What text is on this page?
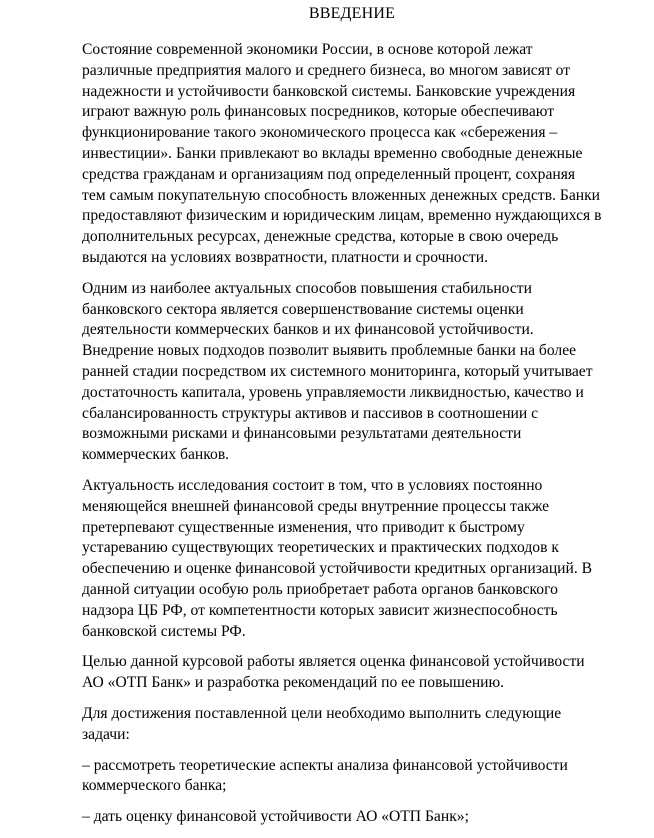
ВВЕДЕНИЕ

Состояние современной экономики России, в основе которой лежат
различные предприятия малого и среднего бизнеса, во многом зависят от
надежности и устойчивости банковской системы. Банковские учреждения
играют важную роль финансовых посредников, которые обеспечивают
функционирование такого экономического процесса как «сбережения –
инвестиции». Банки привлекают во вклады временно свободные денежные
средства гражданам и организациям под определенный процент, сохраняя
тем самым покупательную способность вложенных денежных средств. Банки
предоставляют физическим и юридическим лицам, временно нуждающихся в
дополнительных ресурсах, денежные средства, которые в свою очередь
выдаются на условиях возвратности, платности и срочности.

Одним из наиболее актуальных способов повышения стабильности
банковского сектора является совершенствование системы оценки
деятельности коммерческих банков и их финансовой устойчивости.
Внедрение новых подходов позволит выявить проблемные банки на более
ранней стадии посредством их системного мониторинга, который учитывает
достаточность капитала, уровень управляемости ликвидностью, качество и
сбалансированность структуры активов и пассивов в соотношении с
возможными рисками и финансовыми результатами деятельности
коммерческих банков.

Актуальность исследования состоит в том, что в условиях постоянно
меняющейся внешней финансовой среды внутренние процессы также
претерпевают существенные изменения, что приводит к быстрому
устареванию существующих теоретических и практических подходов к
обеспечению и оценке финансовой устойчивости кредитных организаций. В
данной ситуации особую роль приобретает работа органов банковского
надзора ЦБ РФ, от компетентности которых зависит жизнеспособность
банковской системы РФ.

Целью данной курсовой работы является оценка финансовой устойчивости
АО «ОТП Банк» и разработка рекомендаций по ее повышению.

Для достижения поставленной цели необходимо выполнить следующие
задачи:

– рассмотреть теоретические аспекты анализа финансовой устойчивости
коммерческого банка;

– дать оценку финансовой устойчивости АО «ОТП Банк»;
